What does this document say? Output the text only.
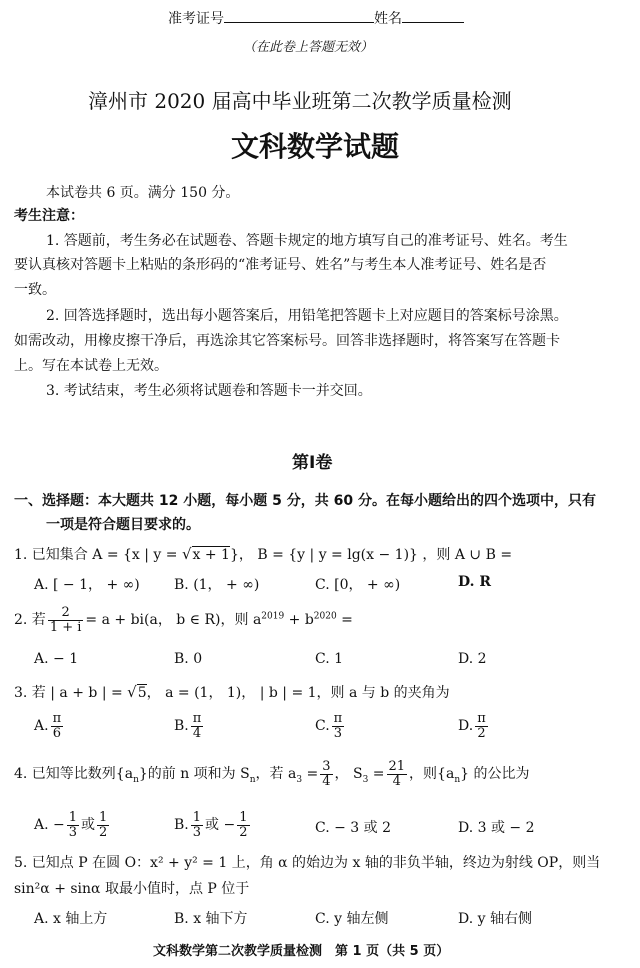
准考证号	姓名
（在此卷上答题无效）
漳州市 2020 届高中毕业班第二次教学质量检测
文科数学试题
本试卷共 6 页。满分 150 分。
考生注意：
1. 答题前，考生务必在试题卷、答题卡规定的地方填写自己的准考证号、姓名。考生
要认真核对答题卡上粘贴的条形码的“准考证号、姓名”与考生本人准考证号、姓名是否
一致。
2. 回答选择题时，选出每小题答案后，用铅笔把答题卡上对应题目的答案标号涂黑。
如需改动，用橡皮擦干净后，再选涂其它答案标号。回答非选择题时，将答案写在答题卡
上。写在本试卷上无效。
3. 考试结束，考生必须将试题卷和答题卡一并交回。
第Ⅰ卷
一、选择题：本大题共 12 小题，每小题 5 分，共 60 分。在每小题给出的四个选项中，只有
一项是符合题目要求的。
1. 已知集合 A = {x | y = √x + 1}， B = {y | y = lg(x − 1)} ，则 A ∪ B =
A. [ − 1， + ∞) B. (1， + ∞)	C. [0， + ∞)	D. R
2. 若 $\frac{2}{1 + i} = a + bi(a$， b ∈ R)，则 $a^{2019} + b^{2020}$ =
A. − 1	B. 0	C. 1	D. 2
3. 若 | a + b | = √5， a = (1， 1)， | b | = 1，则 a 与 b 的夹角为
A. $\frac{\pi}{6}$	B. $\frac{\pi}{4}$	C. $\frac{\pi}{3}$	D. $\frac{\pi}{2}$
4. 已知等比数列$\{a_n\}$的前 n 项和为 $S_n$，若 $a_3 = \frac{3}{4}$ ， $S_3 = \frac{21}{4}$ ，则$\{a_n\}$ 的公比为
A. − $\frac{1}{3}$ 或 $\frac{1}{2}$	B. $\frac{1}{3}$ 或 − $\frac{1}{2}$	C. − 3 或 2	D. 3 或 − 2
5. 已知点 P 在圆 O：x² + y² = 1 上，角 α 的始边为 x 轴的非负半轴，终边为射线 OP，则当
sin²α + sinα 取最小值时，点 P 位于
A. x 轴上方	B. x 轴下方	C. y 轴左侧	D. y 轴右侧
文科数学第二次教学质量检测　第 1 页（共 5 页）
